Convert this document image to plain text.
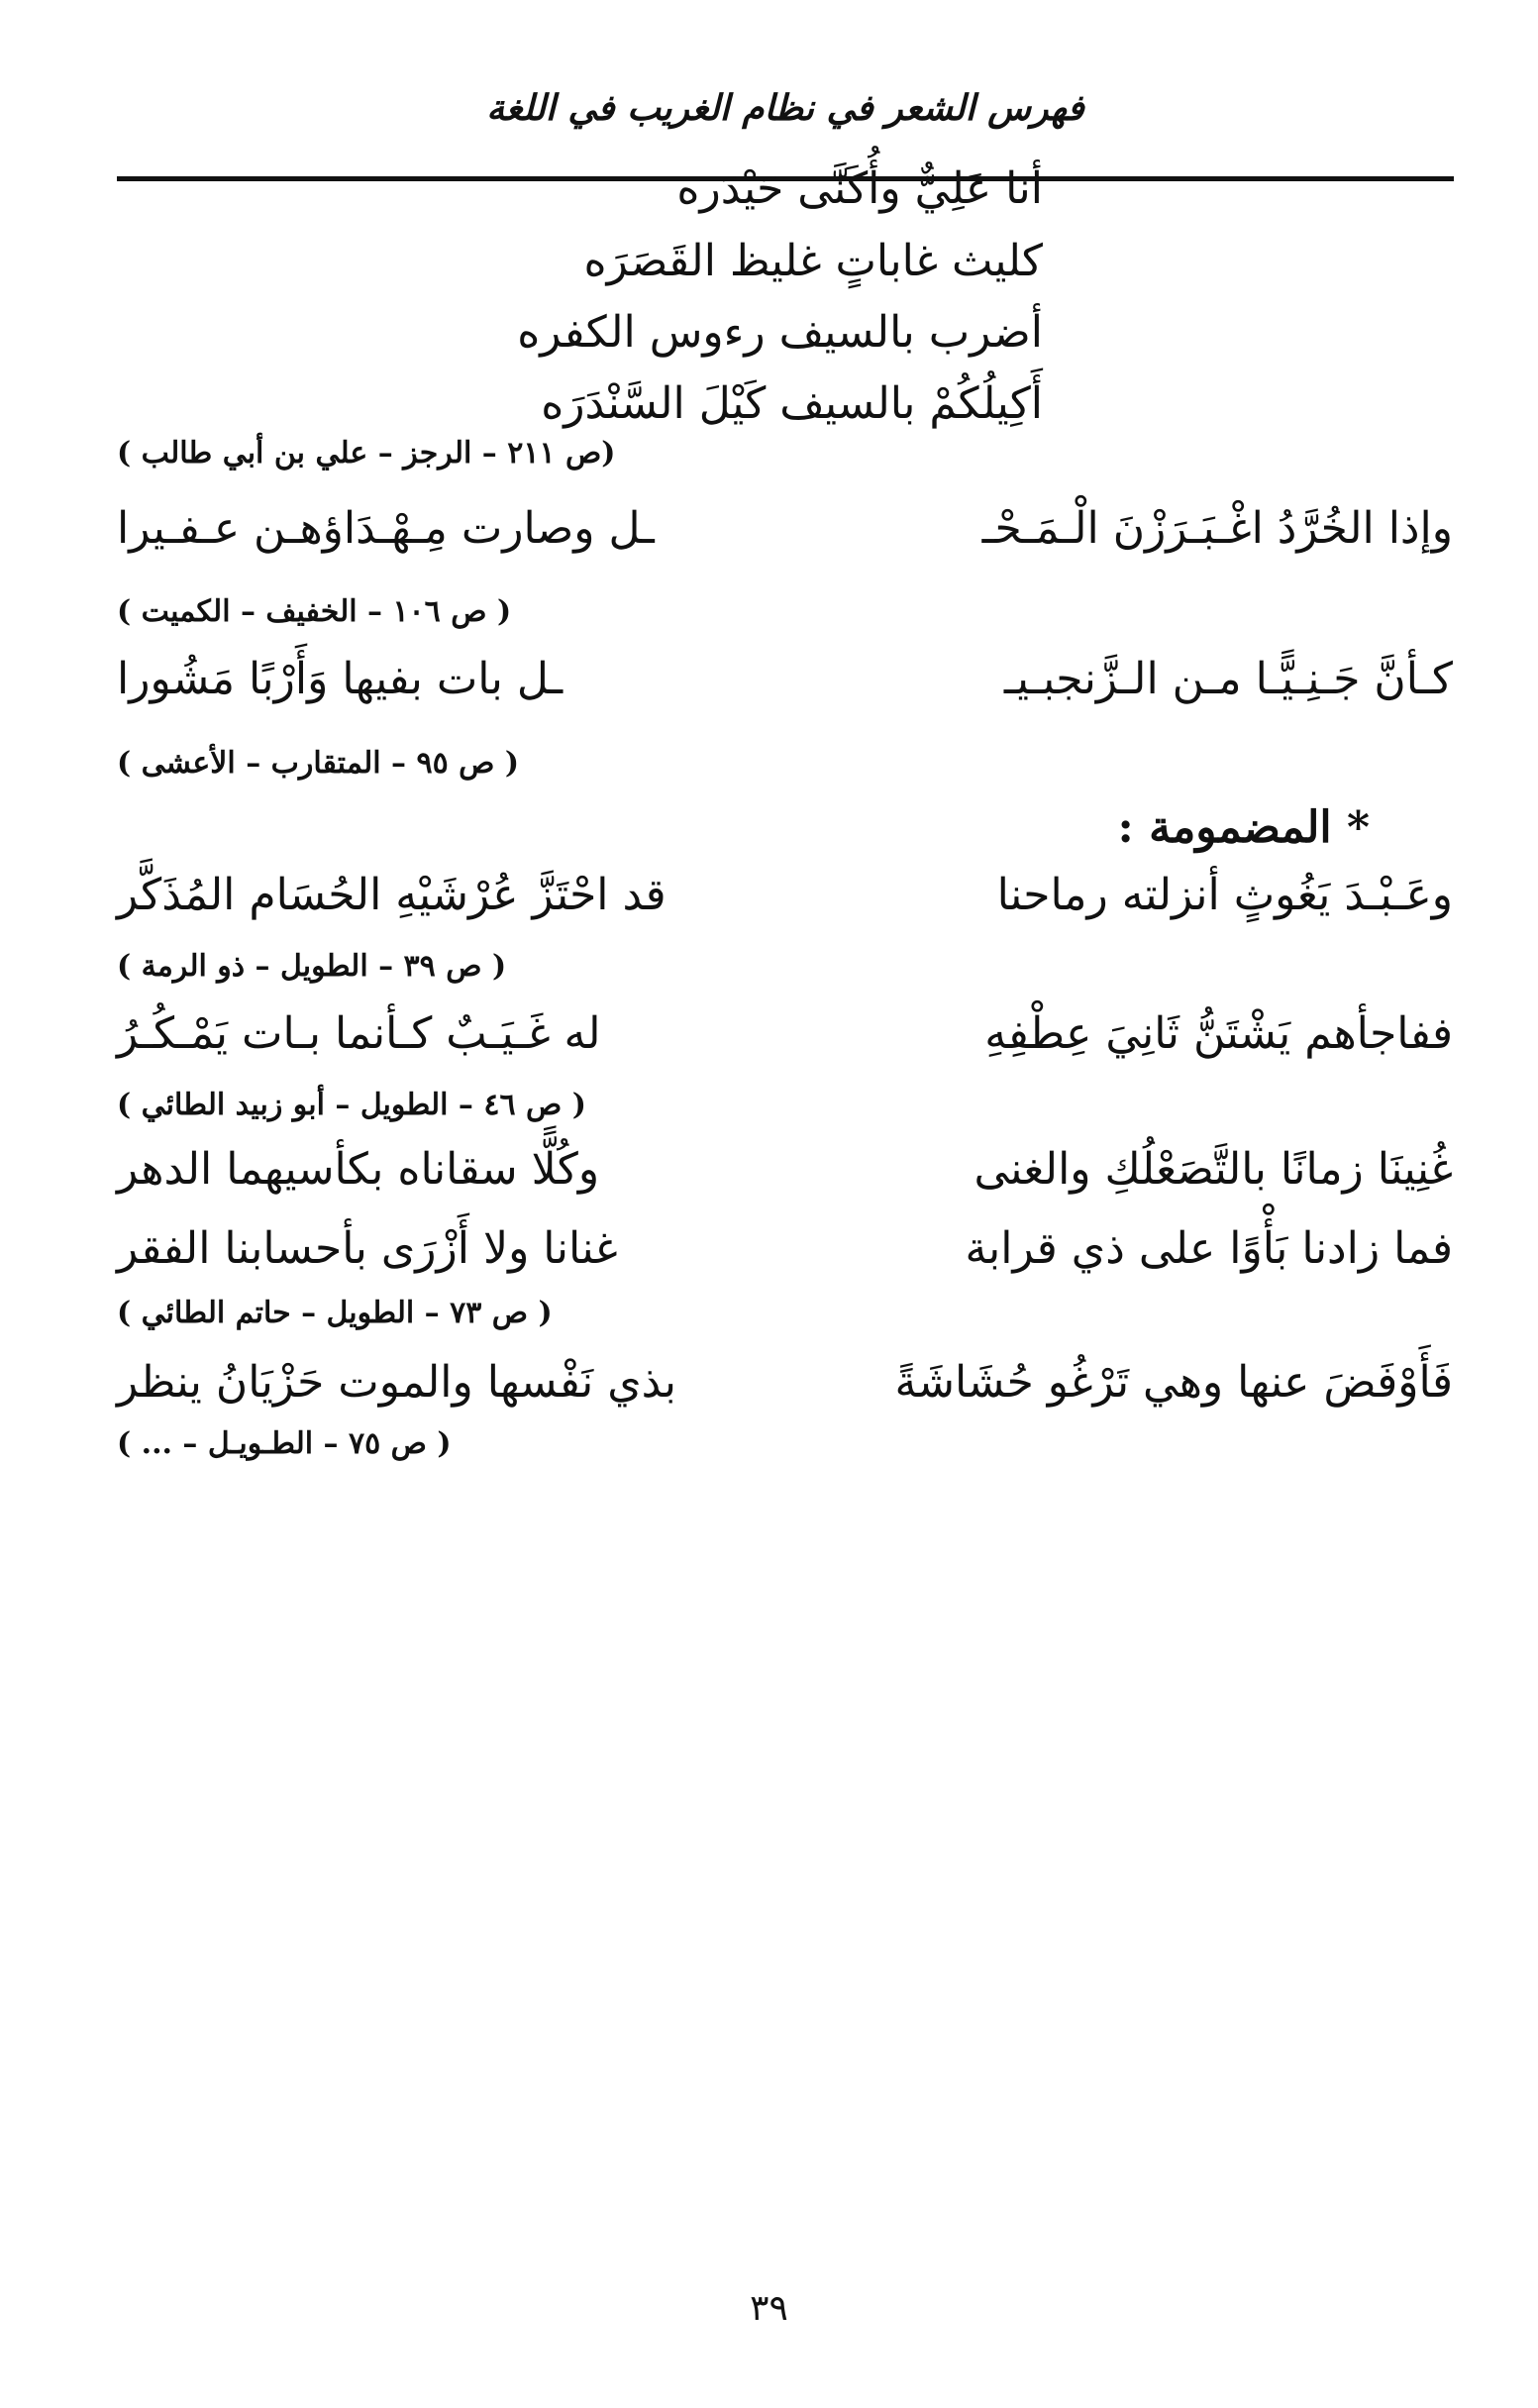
فهرس الشعر في نظام الغريب في اللغة
أنا عَلِيٌّ وأُكَنَّى حَيْدَره
كليث غاباتٍ غليظ القَصَرَه
أضرب بالسيف رءوس الكفره
أَكِيلُكُمْ بالسيف كَيْلَ السَّنْدَرَه
(ص ٢١١ – الرجز – علي بن أبي طالب )
وإذا الخُرَّدُ اغْـبَـرَزْنَ الْـمَـحْـ
ـل وصارت مِـهْـدَاؤهـن عـفـيرا
( ص ١٠٦ – الخفيف – الكميت )
كـأنَّ جَـنِـيًّـا مـن الـزَّنجبـيـ
ـل بات بفيها وَأَرْبًا مَشُورا
( ص ٩٥ – المتقارب – الأعشى )
* المضمومة :
وعَـبْـدَ يَغُوثٍ أنزلته رماحنا
قد احْتَزَّ عُرْشَيْهِ الحُسَام المُذَكَّر
( ص ٣٩ – الطويل – ذو الرمة )
ففاجأهم يَشْتَنُّ ثَانِيَ عِطْفِهِ
له غَـيَـبٌ كـأنما بـات يَمْـكُـرُ
( ص ٤٦ – الطويل – أبو زبيد الطائي )
غُنِينَا زمانًا بالتَّصَعْلُكِ والغنى
وكُلًّا سقاناه بكأسيهما الدهر
فما زادنا بَأْوًا على ذي قرابة
غنانا ولا أَزْرَى بأحسابنا الفقر
( ص ٧٣ – الطويل – حاتم الطائي )
فَأَوْفَضَ عنها وهي تَرْغُو حُشَاشَةً
بذي نَفْسها والموت حَزْيَانُ ينظر
( ص ٧٥ – الطـويـل – ... )
٣٩
